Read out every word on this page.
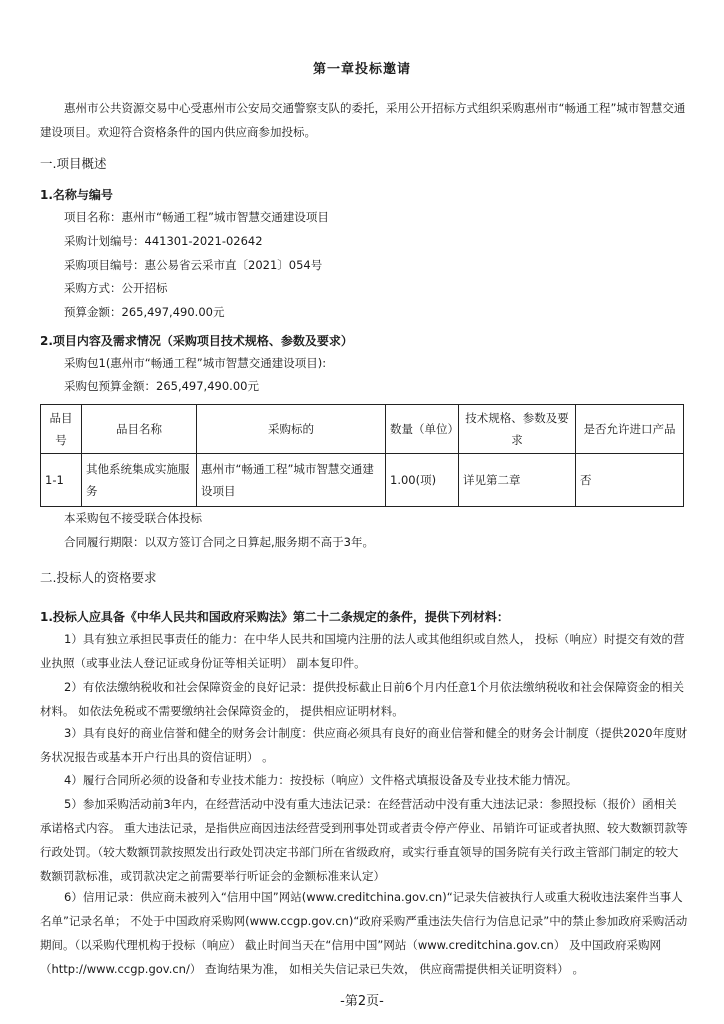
第一章投标邀请
惠州市公共资源交易中心受惠州市公安局交通警察支队的委托，采用公开招标方式组织采购惠州市“畅通工程”城市智慧交通建设项目。欢迎符合资格条件的国内供应商参加投标。
一.项目概述
1.名称与编号
项目名称：惠州市“畅通工程”城市智慧交通建设项目
采购计划编号：441301-2021-02642
采购项目编号：惠公易省云采市直〔2021〕054号
采购方式：公开招标
预算金额：265,497,490.00元
2.项目内容及需求情况（采购项目技术规格、参数及要求）
采购包1(惠州市“畅通工程”城市智慧交通建设项目):
采购包预算金额：265,497,490.00元
品目号	品目名称	采购标的	数量（单位）	技术规格、参数及要求	是否允许进口产品
1-1	其他系统集成实施服务	惠州市“畅通工程”城市智慧交通建设项目	1.00(项)	详见第二章	否
本采购包不接受联合体投标
合同履行期限：以双方签订合同之日算起,服务期不高于3年。
二.投标人的资格要求
1.投标人应具备《中华人民共和国政府采购法》第二十二条规定的条件，提供下列材料：
1）具有独立承担民事责任的能力：在中华人民共和国境内注册的法人或其他组织或自然人， 投标（响应）时提交有效的营业执照（或事业法人登记证或身份证等相关证明） 副本复印件。
2）有依法缴纳税收和社会保障资金的良好记录：提供投标截止日前6个月内任意1个月依法缴纳税收和社会保障资金的相关材料。 如依法免税或不需要缴纳社会保障资金的， 提供相应证明材料。
3）具有良好的商业信誉和健全的财务会计制度：供应商必须具有良好的商业信誉和健全的财务会计制度（提供2020年度财务状况报告或基本开户行出具的资信证明） 。
4）履行合同所必须的设备和专业技术能力：按投标（响应）文件格式填报设备及专业技术能力情况。
5）参加采购活动前3年内，在经营活动中没有重大违法记录：在经营活动中没有重大违法记录：参照投标（报价）函相关承诺格式内容。 重大违法记录，是指供应商因违法经营受到刑事处罚或者责令停产停业、吊销许可证或者执照、较大数额罚款等行政处罚。（较大数额罚款按照发出行政处罚决定书部门所在省级政府，或实行垂直领导的国务院有关行政主管部门制定的较大数额罚款标准，或罚款决定之前需要举行听证会的金额标准来认定）
6）信用记录：供应商未被列入“信用中国”网站(www.creditchina.gov.cn)“记录失信被执行人或重大税收违法案件当事人名单”记录名单； 不处于中国政府采购网(www.ccgp.gov.cn)“政府采购严重违法失信行为信息记录”中的禁止参加政府采购活动期间。（以采购代理机构于投标（响应） 截止时间当天在“信用中国”网站（www.creditchina.gov.cn） 及中国政府采购网（http://www.ccgp.gov.cn/） 查询结果为准， 如相关失信记录已失效， 供应商需提供相关证明资料） 。
-第2页-
